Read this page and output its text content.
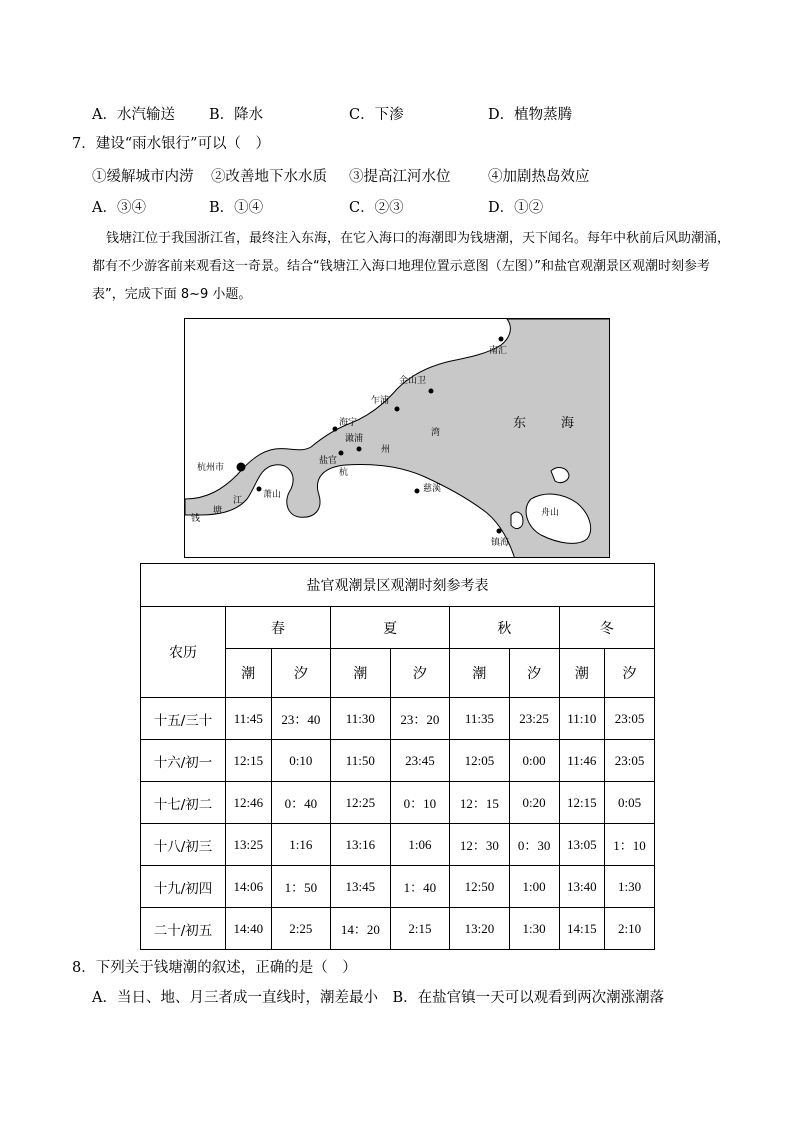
A．水汽输送 B．降水	C．下渗	D．植物蒸腾
7．建设“雨水银行”可以（　）
①缓解城市内涝 ②改善地下水水质 ③提高江河水位	④加剧热岛效应
A．③④	B．①④	C．②③	D．①②
钱塘江位于我国浙江省，最终注入东海，在它入海口的海潮即为钱塘潮，天下闻名。每年中秋前后风助潮涌，都有不少游客前来观看这一奇景。结合“钱塘江入海口地理位置示意图（左图）”和盐官观潮景区观潮时刻参考表”，完成下面 8~9 小题。
南汇
金山卫
乍浦
海宁
澉浦
盐官
杭州市
萧山
慈溪
镇海
舟山
东	海
湾
州
杭
江
塘
钱
盐官观潮景区观潮时刻参考表								
农历	春		夏		秋		冬	
	潮	汐	潮	汐	潮	汐	潮	汐
十五/三十	11:45	23：40	11:30	23：20	11:35	23:25	11:10	23:05
十六/初一	12:15	0:10	11:50	23:45	12:05	0:00	11:46	23:05
十七/初二	12:46	0：40	12:25	0：10	12：15	0:20	12:15	0:05
十八/初三	13:25	1:16	13:16	1:06	12：30	0：30	13:05	1：10
十九/初四	14:06	1：50	13:45	1：40	12:50	1:00	13:40	1:30
二十/初五	14:40	2:25	14：20	2:15	13:20	1:30	14:15	2:10
8．下列关于钱塘潮的叙述，正确的是（　）
A．当日、地、月三者成一直线时，潮差最小　B．在盐官镇一天可以观看到两次潮涨潮落
